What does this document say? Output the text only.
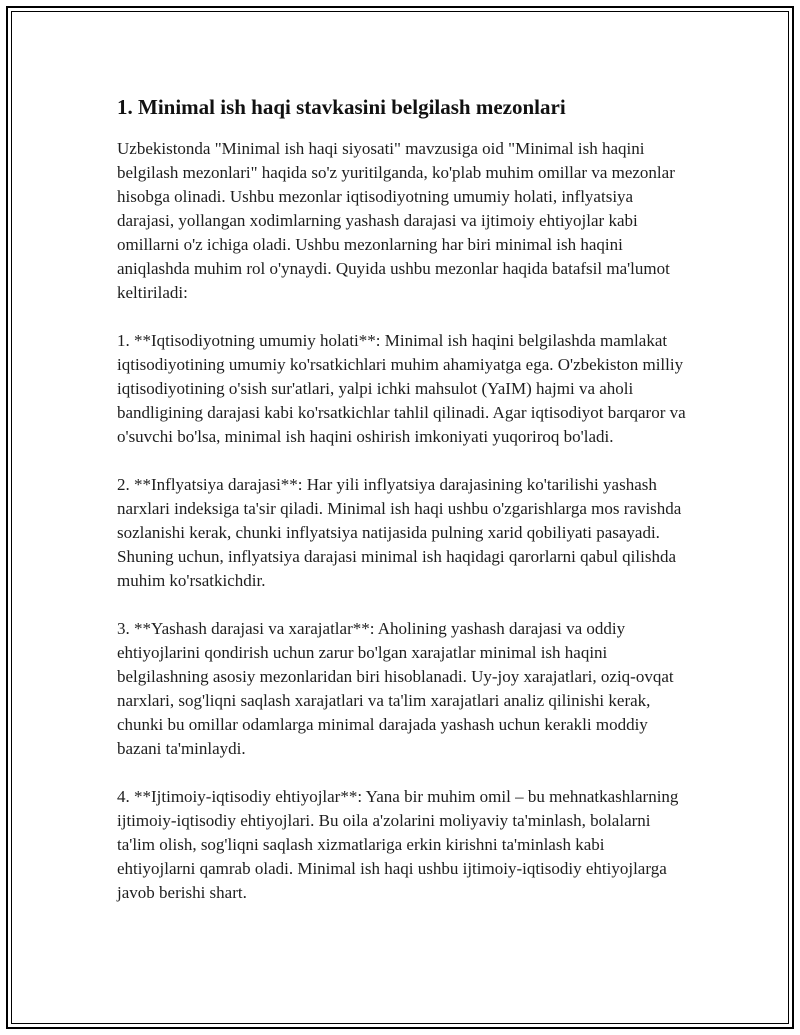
1. Minimal ish haqi stavkasini belgilash mezonlari

Uzbekistonda "Minimal ish haqi siyosati" mavzusiga oid "Minimal ish haqini belgilash mezonlari" haqida so'z yuritilganda, ko'plab muhim omillar va mezonlar hisobga olinadi. Ushbu mezonlar iqtisodiyotning umumiy holati, inflyatsiya darajasi, yollangan xodimlarning yashash darajasi va ijtimoiy ehtiyojlar kabi omillarni o'z ichiga oladi. Ushbu mezonlarning har biri minimal ish haqini aniqlashda muhim rol o'ynaydi. Quyida ushbu mezonlar haqida batafsil ma'lumot keltiriladi:

1. **Iqtisodiyotning umumiy holati**: Minimal ish haqini belgilashda mamlakat iqtisodiyotining umumiy ko'rsatkichlari muhim ahamiyatga ega. O'zbekiston milliy iqtisodiyotining o'sish sur'atlari, yalpi ichki mahsulot (YaIM) hajmi va aholi bandligining darajasi kabi ko'rsatkichlar tahlil qilinadi. Agar iqtisodiyot barqaror va o'suvchi bo'lsa, minimal ish haqini oshirish imkoniyati yuqoriroq bo'ladi.

2. **Inflyatsiya darajasi**: Har yili inflyatsiya darajasining ko'tarilishi yashash narxlari indeksiga ta'sir qiladi. Minimal ish haqi ushbu o'zgarishlarga mos ravishda sozlanishi kerak, chunki inflyatsiya natijasida pulning xarid qobiliyati pasayadi. Shuning uchun, inflyatsiya darajasi minimal ish haqidagi qarorlarni qabul qilishda muhim ko'rsatkichdir.

3. **Yashash darajasi va xarajatlar**: Aholining yashash darajasi va oddiy ehtiyojlarini qondirish uchun zarur bo'lgan xarajatlar minimal ish haqini belgilashning asosiy mezonlaridan biri hisoblanadi. Uy-joy xarajatlari, oziq-ovqat narxlari, sog'liqni saqlash xarajatlari va ta'lim xarajatlari analiz qilinishi kerak, chunki bu omillar odamlarga minimal darajada yashash uchun kerakli moddiy bazani ta'minlaydi.

4. **Ijtimoiy-iqtisodiy ehtiyojlar**: Yana bir muhim omil – bu mehnatkashlarning ijtimoiy-iqtisodiy ehtiyojlari. Bu oila a'zolarini moliyaviy ta'minlash, bolalarni ta'lim olish, sog'liqni saqlash xizmatlariga erkin kirishni ta'minlash kabi ehtiyojlarni qamrab oladi. Minimal ish haqi ushbu ijtimoiy-iqtisodiy ehtiyojlarga javob berishi shart.
